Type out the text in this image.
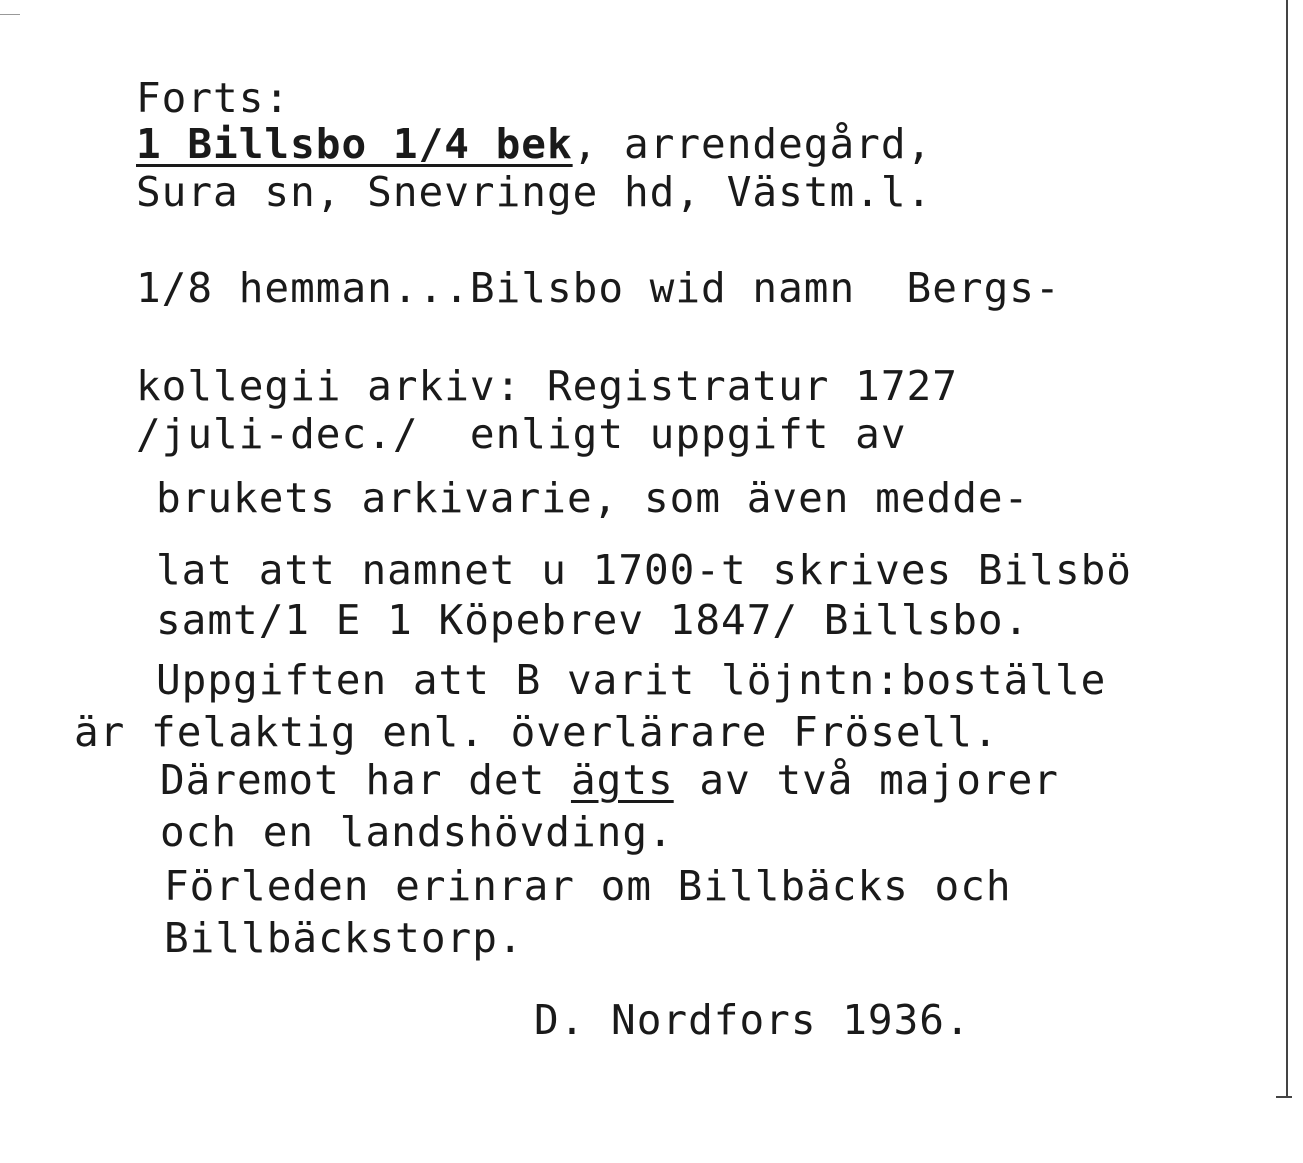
Forts:
1 Billsbo 1/4 bek, arrendegård,
Sura sn, Snevringe hd, Västm.l.
1/8 hemman...Bilsbo wid namn  Bergs-
kollegii arkiv: Registratur 1727
/juli-dec./  enligt uppgift av
brukets arkivarie, som även medde-
lat att namnet u 1700-t skrives Bilsbö
samt/1 E 1 Köpebrev 1847/ Billsbo.
Uppgiften att B varit löjntn:boställe
är felaktig enl. överlärare Frösell.
Däremot har det ägts av två majorer
och en landshövding.
Förleden erinrar om Billbäcks och
Billbäckstorp.
D. Nordfors 1936.
